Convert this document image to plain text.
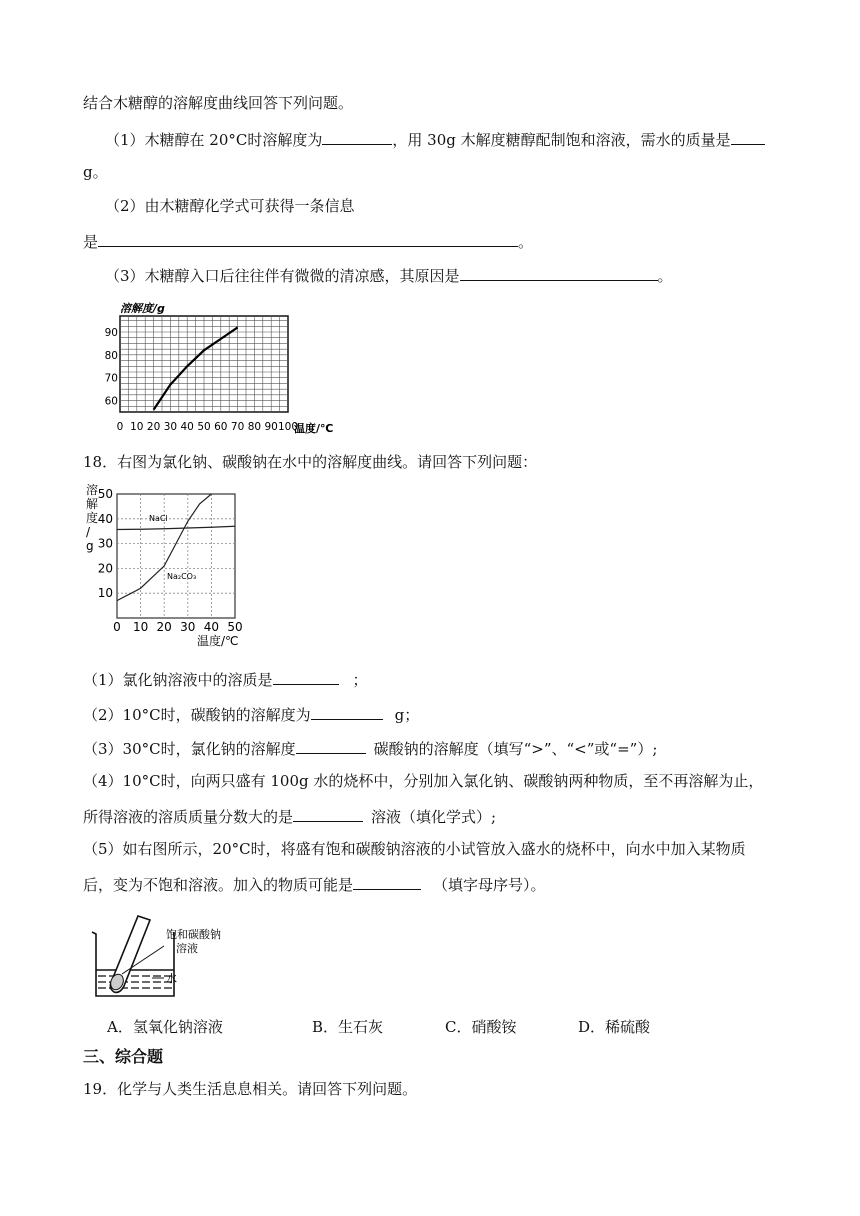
结合木糖醇的溶解度曲线回答下列问题。
（1）木糖醇在 20°C时溶解度为	，用 30g 木解度糖醇配制饱和溶液，需水的质量是
g。
（2）由木糖醇化学式可获得一条信息
是	。
（3）木糖醇入口后往往伴有微微的清凉感，其原因是	。
溶解度/g
温度/℃
0 10 20 30 40 50 60 70 80 90 100
60
70
80
90
18．右图为氯化钠、碳酸钠在水中的溶解度曲线。请回答下列问题：
NaCl
Na₂CO₃
溶解度/ g
温度/℃
0 10 20 30 40 50
10
20
30
40
50
（1）氯化钠溶液中的溶质是	；
（2）10°C时，碳酸钠的溶解度为	g；
（3）30°C时，氯化钠的溶解度	碳酸钠的溶解度（填写“>”、“<”或“=”）;
（4）10°C时，向两只盛有 100g 水的烧杯中，分别加入氯化钠、碳酸钠两种物质，至不再溶解为止，
所得溶液的溶质质量分数大的是	溶液（填化学式）;
（5）如右图所示，20°C时，将盛有饱和碳酸钠溶液的小试管放入盛水的烧杯中，向水中加入某物质
后，变为不饱和溶液。加入的物质可能是	（填字母序号）。
饱和碳酸钠
溶液
水
A．氢氧化钠溶液	B．生石灰	C．硝酸铵	D．稀硫酸
三、综合题
19．化学与人类生活息息相关。请回答下列问题。
